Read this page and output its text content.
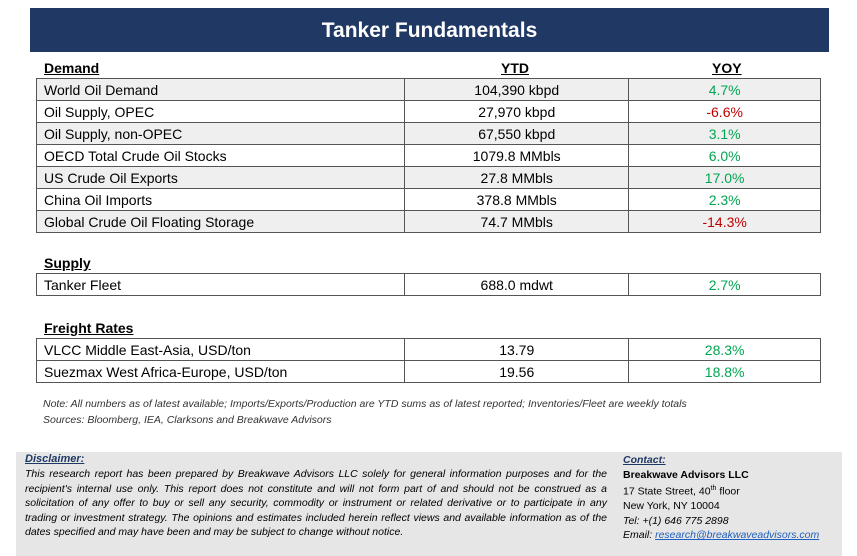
Tanker Fundamentals
Demand	YTD	YOY
World Oil Demand	104,390 kbpd	4.7%
Oil Supply, OPEC	27,970 kbpd	-6.6%
Oil Supply, non-OPEC	67,550 kbpd	3.1%
OECD Total Crude Oil Stocks	1079.8 MMbls	6.0%
US Crude Oil Exports	27.8 MMbls	17.0%
China Oil Imports	378.8 MMbls	2.3%
Global Crude Oil Floating Storage	74.7 MMbls	-14.3%
Supply
Tanker Fleet	688.0 mdwt	2.7%
Freight Rates
VLCC Middle East-Asia, USD/ton	13.79	28.3%
Suezmax West Africa-Europe, USD/ton	19.56	18.8%
Note: All numbers as of latest available; Imports/Exports/Production are YTD sums as of latest reported; Inventories/Fleet are weekly totals
Sources: Bloomberg, IEA, Clarksons and Breakwave Advisors
Disclaimer:
This research report has been prepared by Breakwave Advisors LLC solely for general information purposes and for the recipient's internal use only. This report does not constitute and will not form part of and should not be construed as a solicitation of any offer to buy or sell any security, commodity or instrument or related derivative or to participate in any trading or investment strategy. The opinions and estimates included herein reflect views and available information as of the dates specified and may have been and may be subject to change without notice.
Contact:
Breakwave Advisors LLC
17 State Street, 40th floor
New York, NY 10004
Tel: +(1) 646 775 2898
Email: research@breakwaveadvisors.com
